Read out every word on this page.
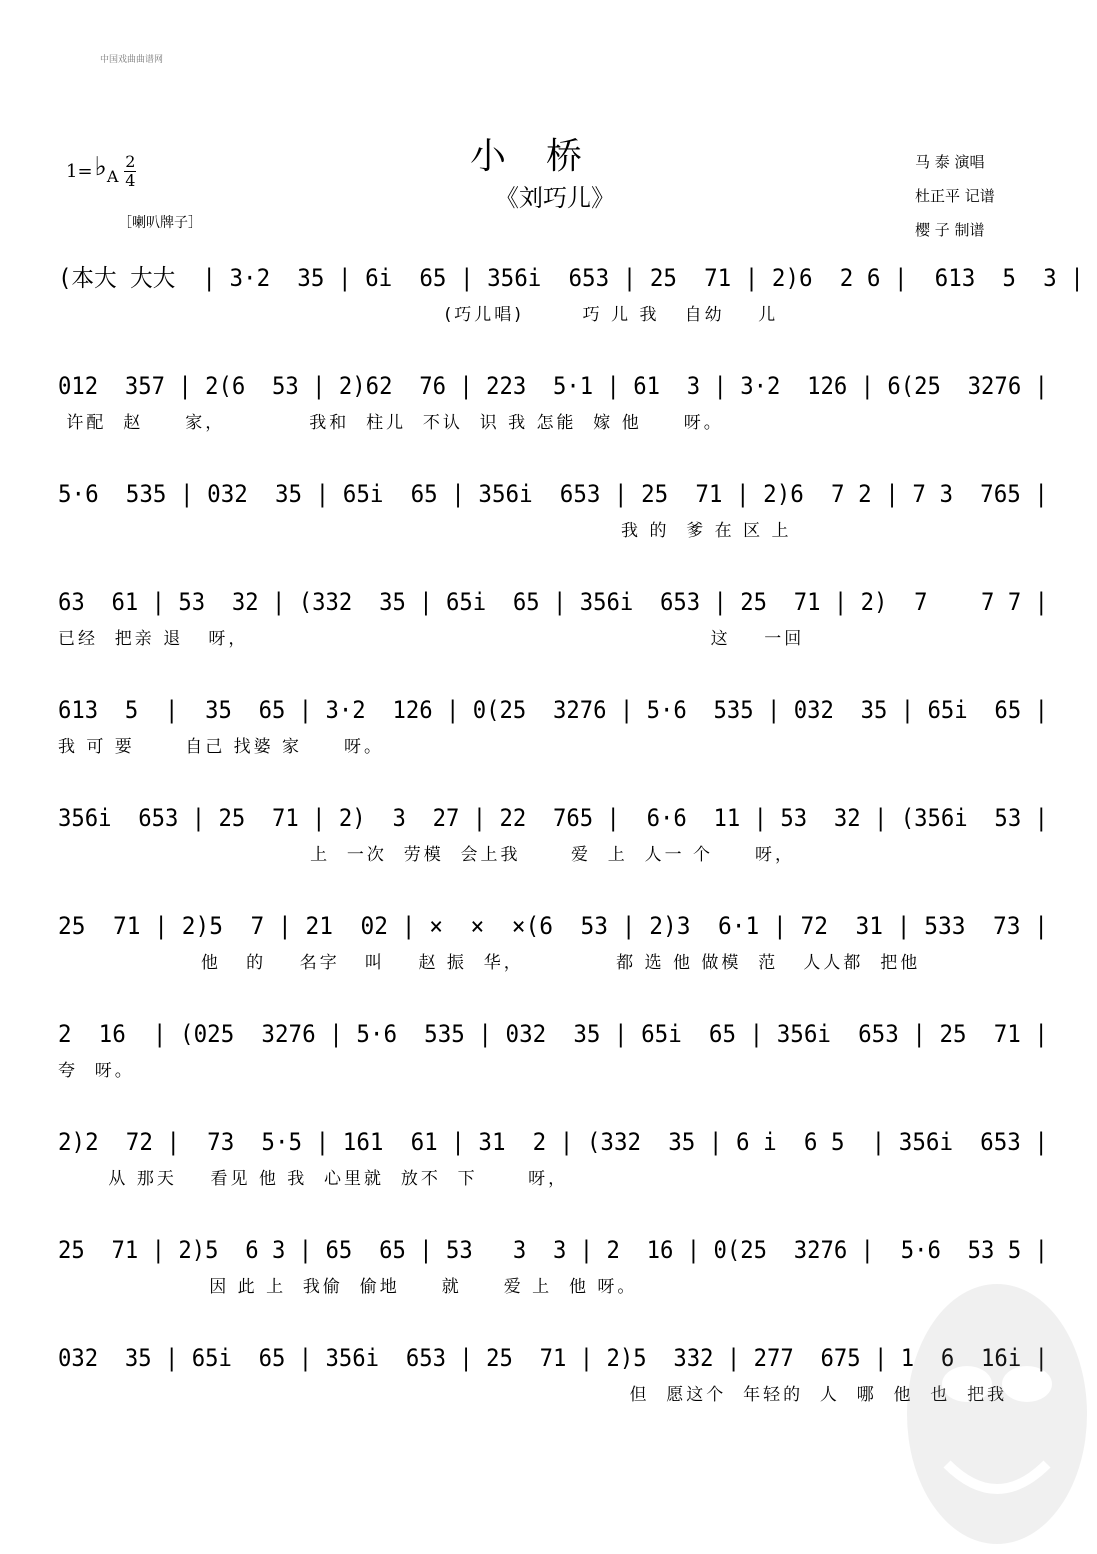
中国戏曲曲谱网
1= ♭ A
2
4
小桥
《刘巧儿》
［喇叭牌子］
马 泰 演唱
杜正平 记谱
樱 子 制谱
(本大 大大  | 3·2  35 | 6i  65 | 356i  653 | 25  71 | 2)6  2 6 |  613  5  3 |
(巧儿唱)       巧 儿 我   自幼    儿
012  357 | 2(6  53 | 2)62  76 | 223  5·1 | 61  3 | 3·2  126 | 6(25  3276 |
许配  赵     家，          我和  柱儿  不认  识 我 怎能  嫁 他     呀。
5·6  535 | 032  35 | 65i  65 | 356i  653 | 25  71 | 2)6  7 2 | 7 3  765 |
我 的  爹 在 区 上
63  61 | 53  32 | (332  35 | 65i  65 | 356i  653 | 25  71 | 2)  7    7 7 |
已经  把亲 退   呀，                                                       这    一回
613  5  |  35  65 | 3·2  126 | 0(25  3276 | 5·6  535 | 032  35 | 65i  65 |
我 可 要      自己 找婆 家     呀。
356i  653 | 25  71 | 2)  3  27 | 22  765 |  6·6  11 | 53  32 | (356i  53 |
上  一次  劳模  会上我      爱  上  人一 个     呀，
25  71 | 2)5  7 | 21  02 | ×  ×  ×(6  53 | 2)3  6·1 | 72  31 | 533  73 |
他   的    名字   叫    赵 振  华，           都 选 他 做模  范   人人都  把他
2  16  | (025  3276 | 5·6  535 | 032  35 | 65i  65 | 356i  653 | 25  71 |
夸  呀。
2)2  72 |  73  5·5 | 161  61 | 31  2 | (332  35 | 6 i  6 5  | 356i  653 |
从 那天    看见 他 我  心里就  放不  下      呀，
25  71 | 2)5  6 3 | 65  65 | 53   3  3 | 2  16 | 0(25  3276 |  5·6  53 5 |
因 此 上  我偷  偷地     就     爱 上  他 呀。
032  35 | 65i  65 | 356i  653 | 25  71 | 2)5  332 | 277  675 | 1  6  16i |
但  愿这个  年轻的  人  哪  他  也  把我
